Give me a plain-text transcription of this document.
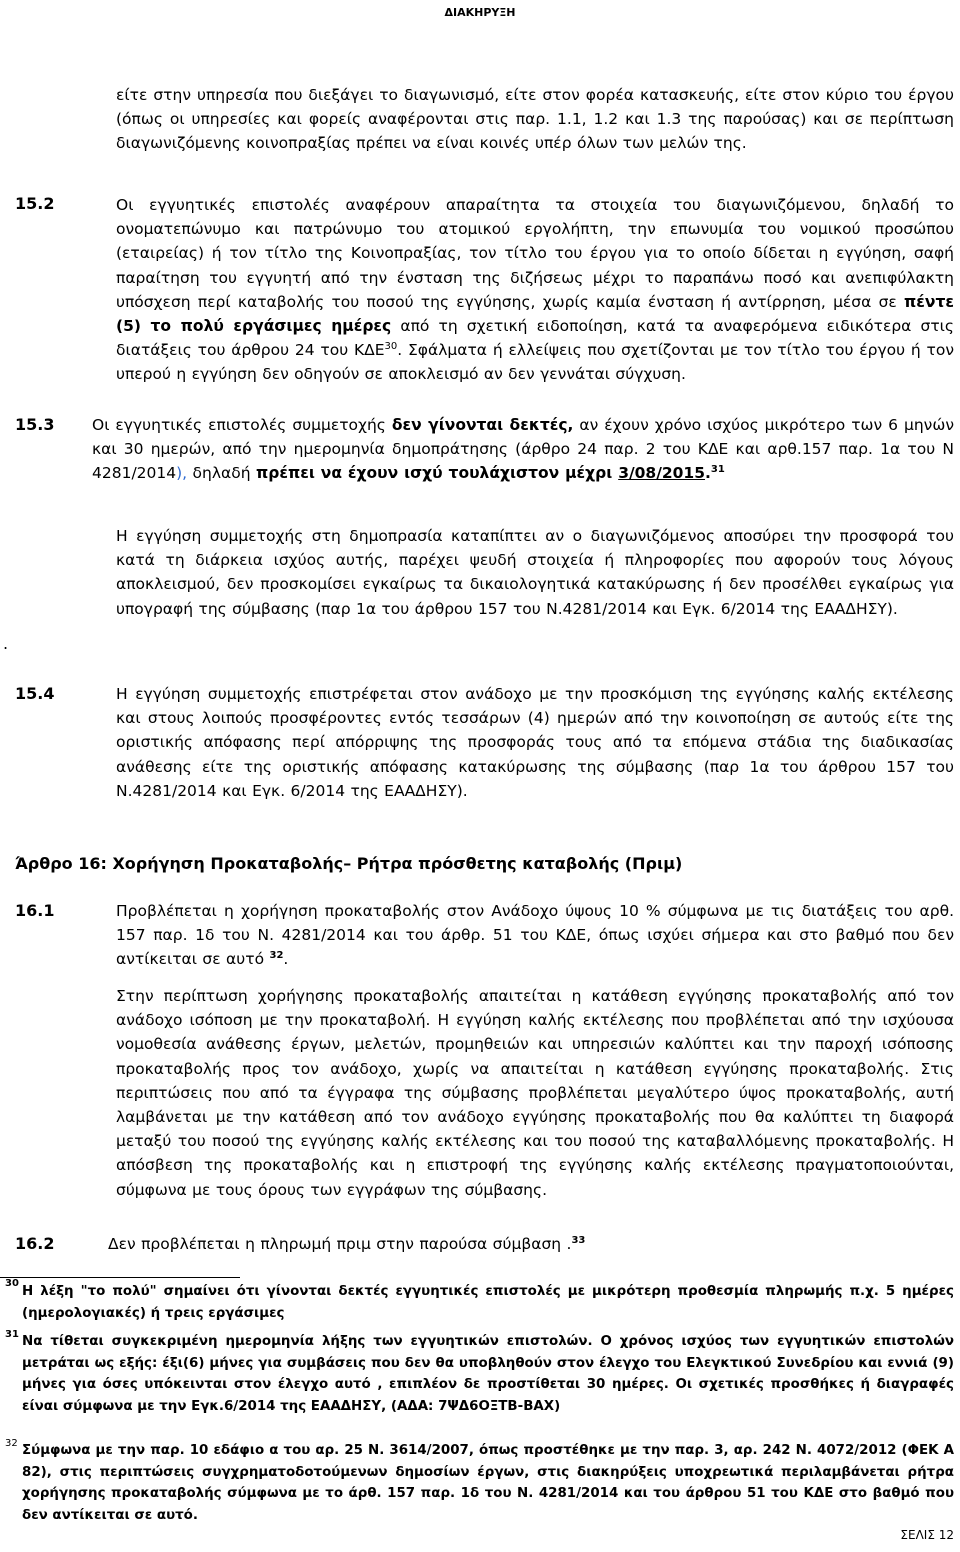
ΔΙΑΚΗΡΥΞΗ
είτε στην υπηρεσία που διεξάγει το διαγωνισμό, είτε στον φορέα κατασκευής, είτε στον κύριο του έργου (όπως οι υπηρεσίες και φορείς αναφέρονται στις παρ. 1.1, 1.2 και 1.3 της παρούσας) και σε περίπτωση διαγωνιζόμενης κοινοπραξίας πρέπει να είναι κοινές υπέρ όλων των μελών της.
15.2	Οι εγγυητικές επιστολές αναφέρουν απαραίτητα τα στοιχεία του διαγωνιζόμενου, δηλαδή το ονοματεπώνυμο και πατρώνυμο του ατομικού εργολήπτη, την επωνυμία του νομικού προσώπου (εταιρείας) ή τον τίτλο της Κοινοπραξίας, τον τίτλο του έργου για το οποίο δίδεται η εγγύηση, σαφή παραίτηση του εγγυητή από την ένσταση της διζήσεως μέχρι το παραπάνω ποσό και ανεπιφύλακτη υπόσχεση περί καταβολής του ποσού της εγγύησης, χωρίς καμία ένσταση ή αντίρρηση, μέσα σε πέντε (5) το πολύ εργάσιμες ημέρες από τη σχετική ειδοποίηση, κατά τα αναφερόμενα ειδικότερα στις διατάξεις του άρθρου 24 του ΚΔΕ$^{30}$. Σφάλματα ή ελλείψεις που σχετίζονται με τον τίτλο του έργου ή τον υπερού η εγγύηση δεν οδηγούν σε αποκλεισμό αν δεν γεννάται σύγχυση.
15.3 Οι εγγυητικές επιστολές συμμετοχής δεν γίνονται δεκτές, αν έχουν χρόνο ισχύος μικρότερο των 6 μηνών και 30 ημερών, από την ημερομηνία δημοπράτησης (άρθρο 24 παρ. 2 του ΚΔΕ και αρθ.157 παρ. 1α του Ν 4281/2014), δηλαδή πρέπει να έχουν ισχύ τουλάχιστον μέχρι 3/08/2015.31
Η εγγύηση συμμετοχής στη δημοπρασία καταπίπτει αν ο διαγωνιζόμενος αποσύρει την προσφορά του κατά τη διάρκεια ισχύος αυτής, παρέχει ψευδή στοιχεία ή πληροφορίες που αφορούν τους λόγους αποκλεισμού, δεν προσκομίσει εγκαίρως τα δικαιολογητικά κατακύρωσης ή δεν προσέλθει εγκαίρως για υπογραφή της σύμβασης (παρ 1α του άρθρου 157 του Ν.4281/2014 και Εγκ. 6/2014 της ΕΑΑΔΗΣΥ).
.
15.4	Η εγγύηση συμμετοχής επιστρέφεται στον ανάδοχο με την προσκόμιση της εγγύησης καλής εκτέλεσης και στους λοιπούς προσφέροντες εντός τεσσάρων (4) ημερών από την κοινοποίηση σε αυτούς είτε της οριστικής απόφασης περί απόρριψης της προσφοράς τους από τα επόμενα στάδια της διαδικασίας ανάθεσης είτε της οριστικής απόφασης κατακύρωσης της σύμβασης (παρ 1α του άρθρου 157 του Ν.4281/2014 και Εγκ. 6/2014 της ΕΑΑΔΗΣΥ).
Άρθρο 16: Χορήγηση Προκαταβολής– Ρήτρα πρόσθετης καταβολής (Πριμ)
16.1	Προβλέπεται η χορήγηση προκαταβολής στον Ανάδοχο ύψους 10 % σύμφωνα με τις διατάξεις του αρθ. 157 παρ. 1δ του Ν. 4281/2014 και του άρθρ. 51 του ΚΔΕ, όπως ισχύει σήμερα και στο βαθμό που δεν αντίκειται σε αυτό $^{32}$.
Στην περίπτωση χορήγησης προκαταβολής απαιτείται η κατάθεση εγγύησης προκαταβολής από τον ανάδοχο ισόποση με την προκαταβολή. Η εγγύηση καλής εκτέλεσης που προβλέπεται από την ισχύουσα νομοθεσία ανάθεσης έργων, μελετών, προμηθειών και υπηρεσιών καλύπτει και την παροχή ισόποσης προκαταβολής προς τον ανάδοχο, χωρίς να απαιτείται η κατάθεση εγγύησης προκαταβολής. Στις περιπτώσεις που από τα έγγραφα της σύμβασης προβλέπεται μεγαλύτερο ύψος προκαταβολής, αυτή λαμβάνεται με την κατάθεση από τον ανάδοχο εγγύησης προκαταβολής που θα καλύπτει τη διαφορά μεταξύ του ποσού της εγγύησης καλής εκτέλεσης και του ποσού της καταβαλλόμενης προκαταβολής. Η απόσβεση της προκαταβολής και η επιστροφή της εγγύησης καλής εκτέλεσης πραγματοποιούνται, σύμφωνα με τους όρους των εγγράφων της σύμβασης.
16.2	Δεν προβλέπεται η πληρωμή πριμ στην παρούσα σύμβαση .$^{33}$
30
Η λέξη "το πολύ" σημαίνει ότι γίνονται δεκτές εγγυητικές επιστολές με μικρότερη προθεσμία πληρωμής π.χ. 5 ημέρες (ημερολογιακές) ή τρεις εργάσιμες
31 Να τίθεται συγκεκριμένη ημερομηνία λήξης των εγγυητικών επιστολών. Ο χρόνος ισχύος των εγγυητικών επιστολών μετράται ως εξής: έξι(6) μήνες για συμβάσεις που δεν θα υποβληθούν στον έλεγχο του Ελεγκτικού Συνεδρίου και εννιά (9) μήνες για όσες υπόκεινται στον έλεγχο αυτό , επιπλέον δε προστίθεται 30 ημέρες. Οι σχετικές προσθήκες ή διαγραφές είναι σύμφωνα με την Εγκ.6/2014 της ΕΑΑΔΗΣΥ, (ΑΔΑ: 7ΨΔ6ΟΞΤΒ-ΒΑΧ)
32 Σύμφωνα με την παρ. 10 εδάφιο α του αρ. 25 Ν. 3614/2007, όπως προστέθηκε με την παρ. 3, αρ. 242 Ν. 4072/2012 (ΦΕΚ Α 82), στις περιπτώσεις συγχρηματοδοτούμενων δημοσίων έργων, στις διακηρύξεις υποχρεωτικά περιλαμβάνεται ρήτρα χορήγησης προκαταβολής σύμφωνα με το άρθ. 157 παρ. 1δ του Ν. 4281/2014 και του άρθρου 51 του ΚΔΕ στο βαθμό που δεν αντίκειται σε αυτό.
ΣΕΛΙΣ 12
